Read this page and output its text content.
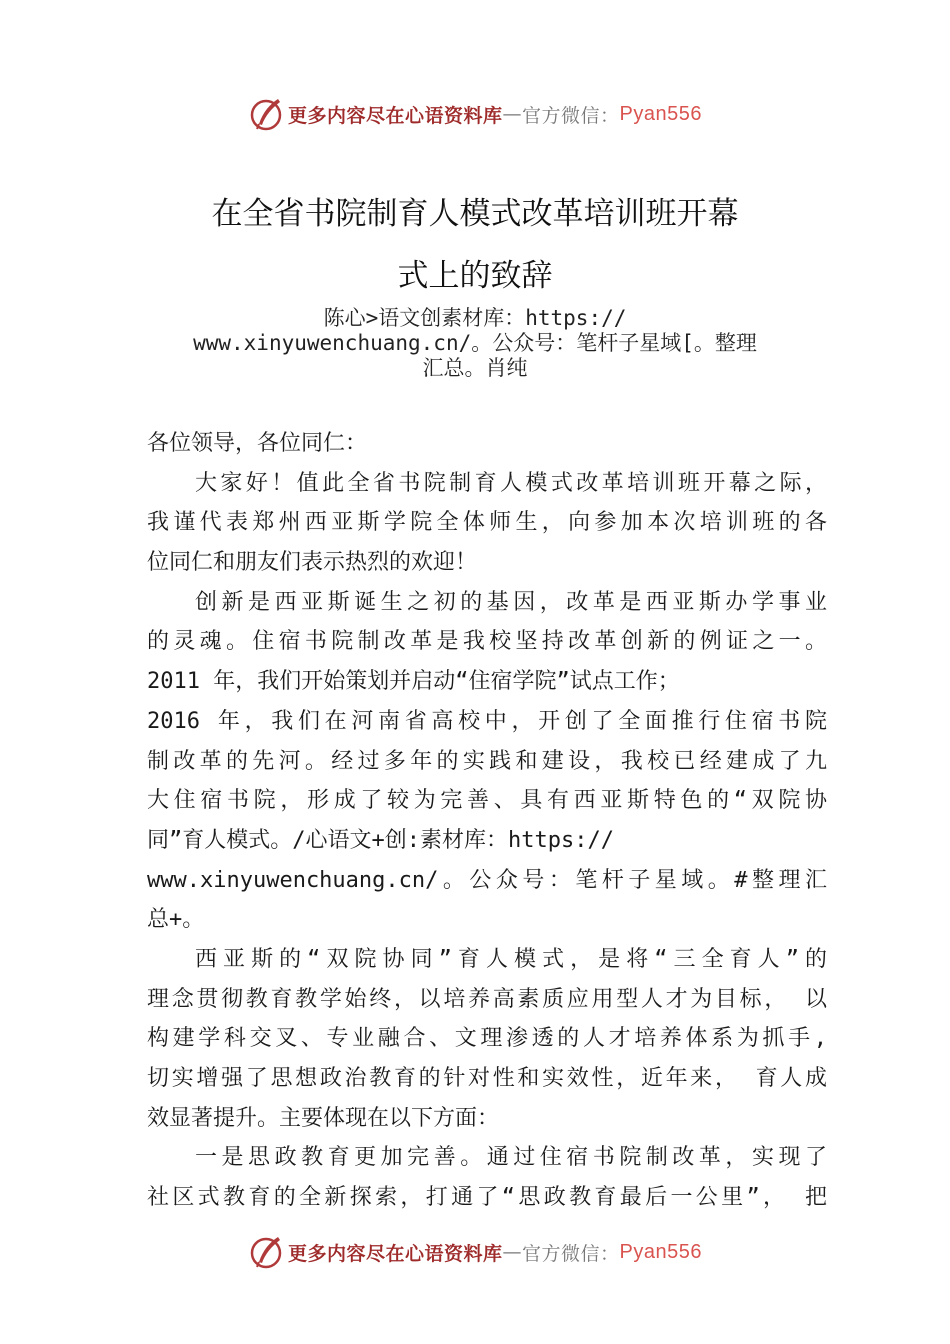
更多内容尽在心语资料库 — 官方微信： Pyan556
在全省书院制育人模式改革培训班开幕
式上的致辞
陈心>语文创素材库：https://
www.xinyuwenchuang.cn/。公众号：笔杆子星域[。整理
汇总。肖纯
各位领导，各位同仁：
大家好！值此全省书院制育人模式改革培训班开幕之际，
我谨代表郑州西亚斯学院全体师生，向参加本次培训班的各
位同仁和朋友们表示热烈的欢迎！
创新是西亚斯诞生之初的基因，改革是西亚斯办学事业
的灵魂。住宿书院制改革是我校坚持改革创新的例证之一。
2011 年，我们开始策划并启动“住宿学院”试点工作；
2016 年，我们在河南省高校中，开创了全面推行住宿书院
制改革的先河。经过多年的实践和建设，我校已经建成了九
大住宿书院，形成了较为完善、具有西亚斯特色的“双院协
同”育人模式。/心语文+创:素材库：https://
www.xinyuwenchuang.cn/。公众号：笔杆子星域。#整理汇
总+。
西亚斯的“双院协同”育人模式，是将“三全育人”的
理念贯彻教育教学始终，以培养高素质应用型人才为目标， 以
构建学科交叉、专业融合、文理渗透的人才培养体系为抓手,
切实增强了思想政治教育的针对性和实效性，近年来， 育人成
效显著提升。主要体现在以下方面：
一是思政教育更加完善。通过住宿书院制改革，实现了
社区式教育的全新探索，打通了“思政教育最后一公里”， 把
更多内容尽在心语资料库 — 官方微信： Pyan556
